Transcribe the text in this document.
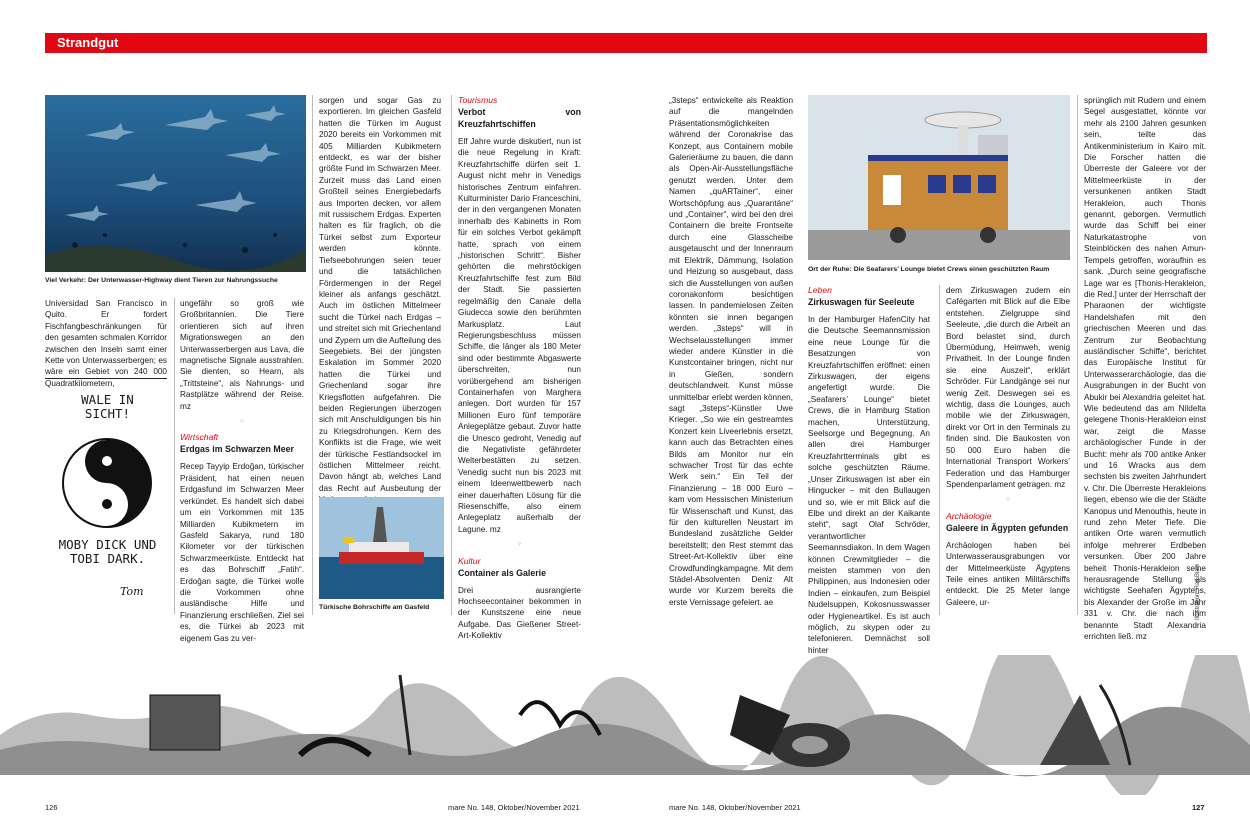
Strandgut
Viel Verkehr: Der Unterwasser-Highway dient Tieren zur Nahrungssuche

Universidad San Francisco in Quito. Er fordert Fischfangbeschränkungen für den gesamten schmalen Korridor zwischen den Inseln samt einer Kette von Unterwasserbergen; es wäre ein Gebiet von 240 000 Quadratkilometern,

WALE IN SICHT!
MOBY DICK UND TOBI DARK.
Tom

ungefähr so groß wie Großbritannien. Die Tiere orientieren sich auf ihren Migrationswegen an den Unterwasserbergen aus Lava, die magnetische Signale ausstrahlen. Sie dienten, so Hearn, als „Trittsteine“, als Nahrungs- und Rastplätze während der Reise. mz

⁘

Wirtschaft

Erdgas im Schwarzen Meer

Recep Tayyip Erdoğan, türkischer Präsident, hat einen neuen Erdgasfund im Schwarzen Meer verkündet. Es handelt sich dabei um ein Vorkommen mit 135 Milliarden Kubikmetern im Gasfeld Sakarya, rund 180 Kilometer vor der türkischen Schwarzmeerküste. Entdeckt hat es das Bohrschiff „Fatih“. Erdoğan sagte, die Türkei wolle die Vorkommen ohne ausländische Hilfe und Finanzierung erschließen. Ziel sei es, die Türkei ab 2023 mit eigenem Gas zu ver-

sorgen und sogar Gas zu exportieren. Im gleichen Gasfeld hatten die Türken im August 2020 bereits ein Vorkommen mit 405 Milliarden Kubikmetern entdeckt, es war der bisher größte Fund im Schwarzen Meer. Zurzeit muss das Land einen Großteil seines Energiebedarfs aus Importen decken, vor allem mit russischem Erdgas. Experten halten es für fraglich, ob die Türkei selbst zum Exporteur werden könnte. Tiefseebohrungen seien teuer und die tatsächlichen Fördermengen in der Regel kleiner als anfangs geschätzt. Auch im östlichen Mittelmeer sucht die Türkei nach Erdgas – und streitet sich mit Griechenland und Zypern um die Aufteilung des Seegebiets. Bei der jüngsten Eskalation im Sommer 2020 hatten die Türkei und Griechenland sogar ihre Kriegsflotten aufgefahren. Die beiden Regierungen überzogen sich mit Anschuldigungen bis hin zu Kriegsdrohungen. Kern des Konflikts ist die Frage, wie weit der türkische Festlandsockel im östlichen Mittelmeer reicht. Davon hängt ab, welches Land das Recht auf Ausbeutung der

Türkische Bohrschiffe am Gasfeld

Tourismus

Verbot von Kreuzfahrtschiffen

Elf Jahre wurde diskutiert, nun ist die neue Regelung in Kraft: Kreuzfahrtschiffe dürfen seit 1. August nicht mehr in Venedigs historisches Zentrum einfahren. Kulturminister Dario Franceschini, der in den vergangenen Monaten innerhalb des Kabinetts in Rom für ein solches Verbot gekämpft hatte, sprach von einem „historischen Schritt“. Bisher gehörten die mehrstöckigen Kreuzfahrtschiffe fest zum Bild der Stadt. Sie passierten regelmäßig den Canale della Giudecca sowie den berühmten Markusplatz. Laut Regierungsbeschluss müssen Schiffe, die länger als 180 Meter sind oder bestimmte Abgaswerte überschreiten, nun vorübergehend am bisherigen Containerhafen von Marghera anlegen. Dort wurden für 157 Millionen Euro fünf temporäre Anlegeplätze gebaut. Zuvor hatte die Unesco gedroht, Venedig auf die Negativliste gefährdeter Welterbestätten zu setzen. Venedig sucht nun bis 2023 mit einem Ideenwettbewerb nach einer dauerhaften Lösung für die Riesenschiffe, also einem Anlegeplatz außerhalb der Lagune. mz

⁘

Kultur

Container als Galerie

Drei ausrangierte Hochseecontainer bekommen in der Kunstszene eine neue Aufgabe. Das Gießener Street-Art-Kollektiv

„3steps“ entwickelte als Reaktion auf die mangelnden Präsentationsmöglichkeiten während der Coronakrise das Konzept, aus Containern mobile Galerieräume zu bauen, die dann als Open-Air-Ausstellungsfläche genutzt werden. Unter dem Namen „quARTainer“, einer Wortschöpfung aus „Quarantäne“ und „Container“, wird bei den drei Containern die breite Frontseite durch eine Glasscheibe ausgetauscht und der Innenraum mit Elektrik, Dämmung, Isolation und Heizung so ausgebaut, dass sich die Ausstellungen von außen coronakonform besichtigen lassen. In pandemielosen Zeiten könnten sie innen begangen werden. „3steps“ will in Wechselausstellungen immer wieder andere Künstler in die Kunstcontainer bringen, nicht nur in Gießen, sondern deutschlandweit. Kunst müsse unmittelbar erlebt werden können, sagt „3steps“-Künstler Uwe Krieger. „So wie ein gestreamtes Konzert kein Liveerlebnis ersetzt, kann auch das Betrachten eines Bilds am Monitor nur ein schwacher Trost für das echte Werk sein.“ Ein Teil der Finanzierung – 18 000 Euro – kam vom Hessischen Ministerium für Wissenschaft und Kunst, das für den kulturellen Neustart im Bundesland zusätzliche Gelder bereitstellt; den Rest stemmt das Street-Art-Kollektiv über eine Crowdfundingkampagne. Mit dem Städel-Absolventen Deniz Alt wurde vor Kurzem bereits die erste Vernissage gefeiert. ae

Ort der Ruhe: Die Seafarers’ Lounge bietet Crews einen geschützten Raum

Leben

Zirkuswagen für Seeleute

In der Hamburger HafenCity hat die Deutsche Seemannsmission eine neue Lounge für die Besatzungen von Kreuzfahrtschiffen eröffnet: einen Zirkuswagen, der eigens angefertigt wurde. Die „Seafarers’ Lounge“ bietet Crews, die in Hamburg Station machen, Unterstützung, Seelsorge und Begegnung. An allen drei Hamburger Kreuzfahrtterminals gibt es solche geschützten Räume. „Unser Zirkuswagen ist aber ein Hingucker – mit den Bullaugen und so, wie er mit Blick auf die Elbe und direkt an der Kaikante steht“, sagt Olaf Schröder, verantwortlicher Seemannsdiakon. In dem Wagen können Crewmitglieder – die meisten stammen von den Philippinen, aus Indonesien oder Indien – einkaufen, zum Beispiel Nudelsuppen, Kokosnusswasser oder Hygieneartikel. Es ist auch möglich, zu skypen oder zu telefonieren. Demnächst soll hinter

dem Zirkuswagen zudem ein Cafégarten mit Blick auf die Elbe entstehen. Zielgruppe sind Seeleute, „die durch die Arbeit an Bord belastet sind, durch Übermüdung, Heimweh, wenig Privatheit. In der Lounge finden sie eine Auszeit“, erklärt Schröder. Für Landgänge sei nur wenig Zeit. Deswegen sei es wichtig, dass die Lounges, auch mobile wie der Zirkuswagen, direkt vor Ort in den Terminals zu finden sind. Die Baukosten von 50 000 Euro haben die International Transport Workers’ Federation und das Hamburger Spendenparlament getragen. mz

⁘

Archäologie

Galeere in Ägypten gefunden

Archäologen haben bei Unterwasserausgrabungen vor der Mittelmeerküste Ägyptens Teile eines antiken Militärschiffs entdeckt. Die 25 Meter lange Galeere, ur-

sprünglich mit Rudern und einem Segel ausgestattet, könnte vor mehr als 2100 Jahren gesunken sein, teilte das Antikenministerium in Kairo mit. Die Forscher hatten die Überreste der Galeere vor der Mittelmeerküste in der versunkenen antiken Stadt Herakleion, auch Thonis genannt, geborgen. Vermutlich wurde das Schiff bei einer Naturkatastrophe von Steinblöcken des nahen Amun-Tempels getroffen, woraufhin es sank. „Durch seine geografische Lage war es [Thonis-Herakleion, die Red.] unter der Herrschaft der Pharaonen der wichtigste Handelshafen mit den griechischen Meeren und das Zentrum zur Beobachtung ausländischer Schiffe“, berichtet das Europäische Institut für Unterwasserarchäologie, das die Ausgrabungen in der Bucht von Abukir bei Alexandria geleitet hat. Wie bedeutend das am Nildelta gelegene Thonis-Herakleion einst war, zeigt die Masse archäologischer Funde in der Bucht: mehr als 700 antike Anker und 16 Wracks aus dem sechsten bis zweiten Jahrhundert v. Chr. Die Überreste Herakleions liegen, ebenso wie die der Städte Kanopus und Menouthis, heute in rund zehn Meter Tiefe. Die antiken Orte waren vermutlich infolge mehrerer Erdbeben versunken. Über 200 Jahre beheit Thonis-Herakleion seine herausragende Stellung als wichtigste Seehafen Ägyptens, bis Alexander der Große im Jahr 331 v. Chr. die nach ihm benannte Stadt Alexandria errichten ließ. mz

Illustration: Ralf Blaw
126	mare No. 148, Oktober/November 2021	mare No. 148, Oktober/November 2021	127
